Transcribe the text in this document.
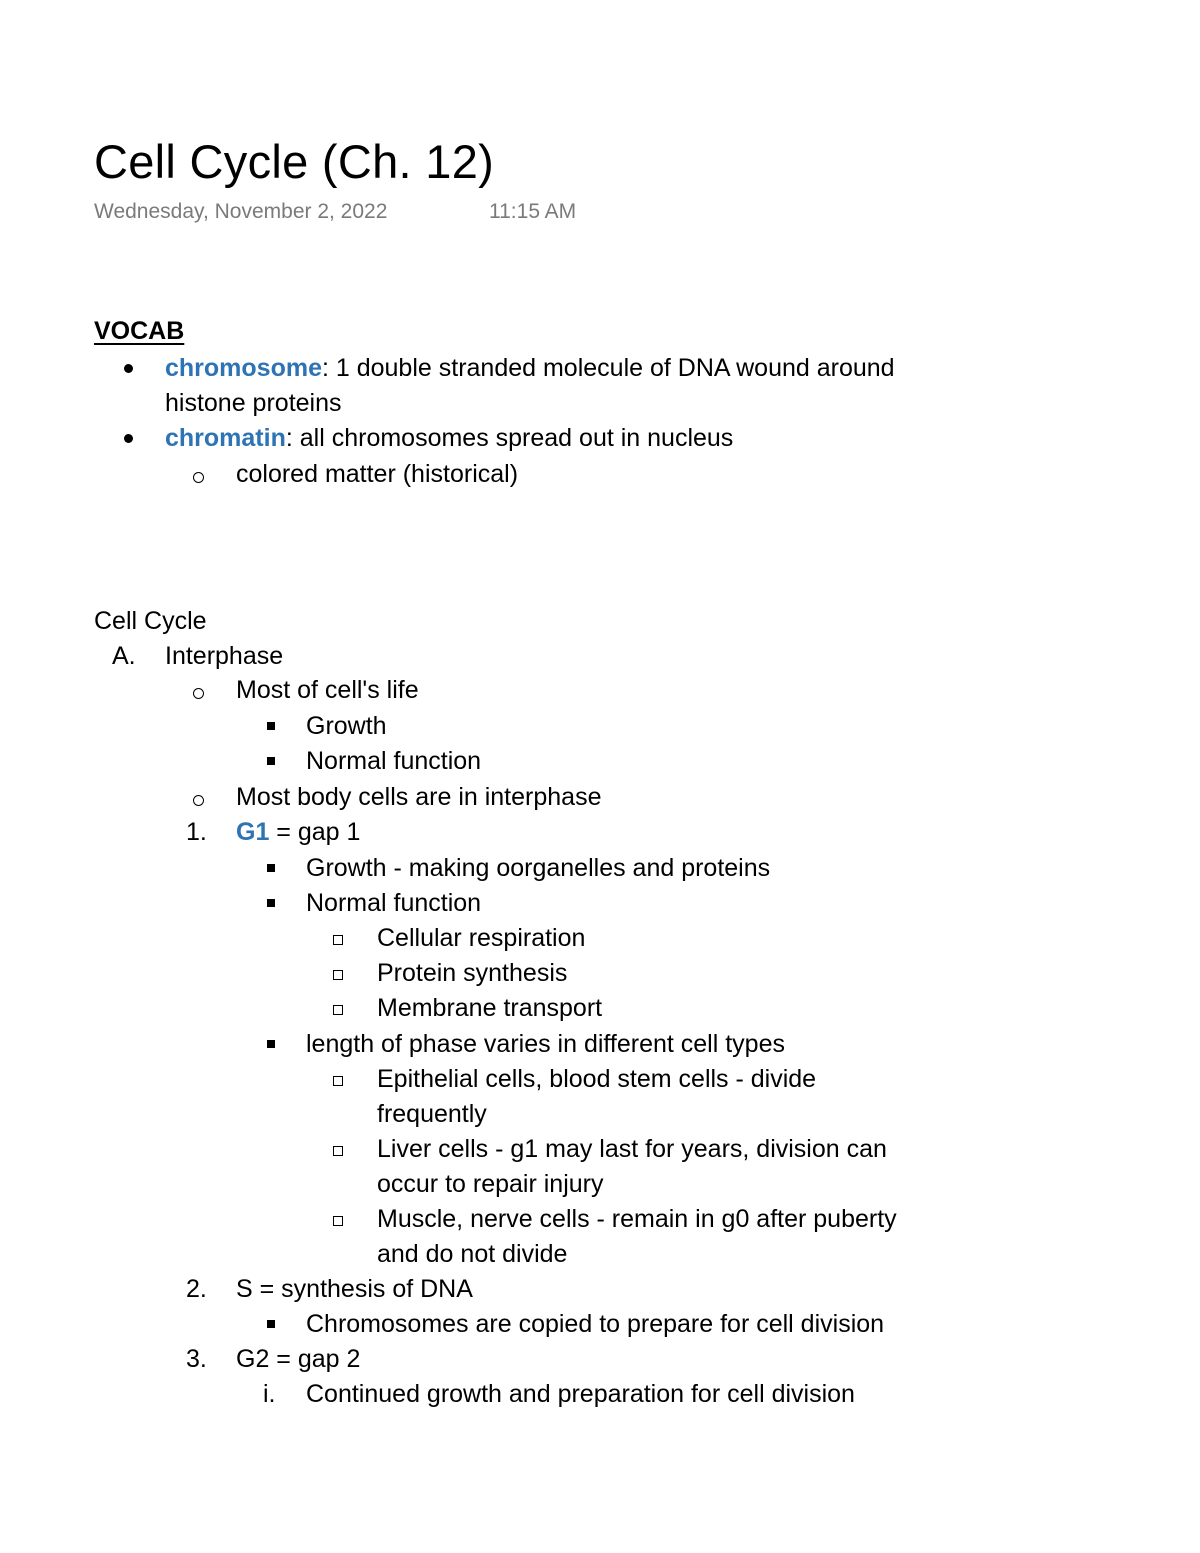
Cell Cycle (Ch. 12)
Wednesday, November 2, 2022	11:15 AM
VOCAB
chromosome: 1 double stranded molecule of DNA wound around
histone proteins
chromatin: all chromosomes spread out in nucleus
colored matter (historical)
Cell Cycle
A. Interphase
Most of cell's life
Growth
Normal function
Most body cells are in interphase
1. G1 = gap 1
Growth - making oorganelles and proteins
Normal function
Cellular respiration
Protein synthesis
Membrane transport
length of phase varies in different cell types
Epithelial cells, blood stem cells - divide
frequently
Liver cells - g1 may last for years, division can
occur to repair injury
Muscle, nerve cells - remain in g0 after puberty
and do not divide
2. S = synthesis of DNA
Chromosomes are copied to prepare for cell division
3. G2 = gap 2
i. Continued growth and preparation for cell division
